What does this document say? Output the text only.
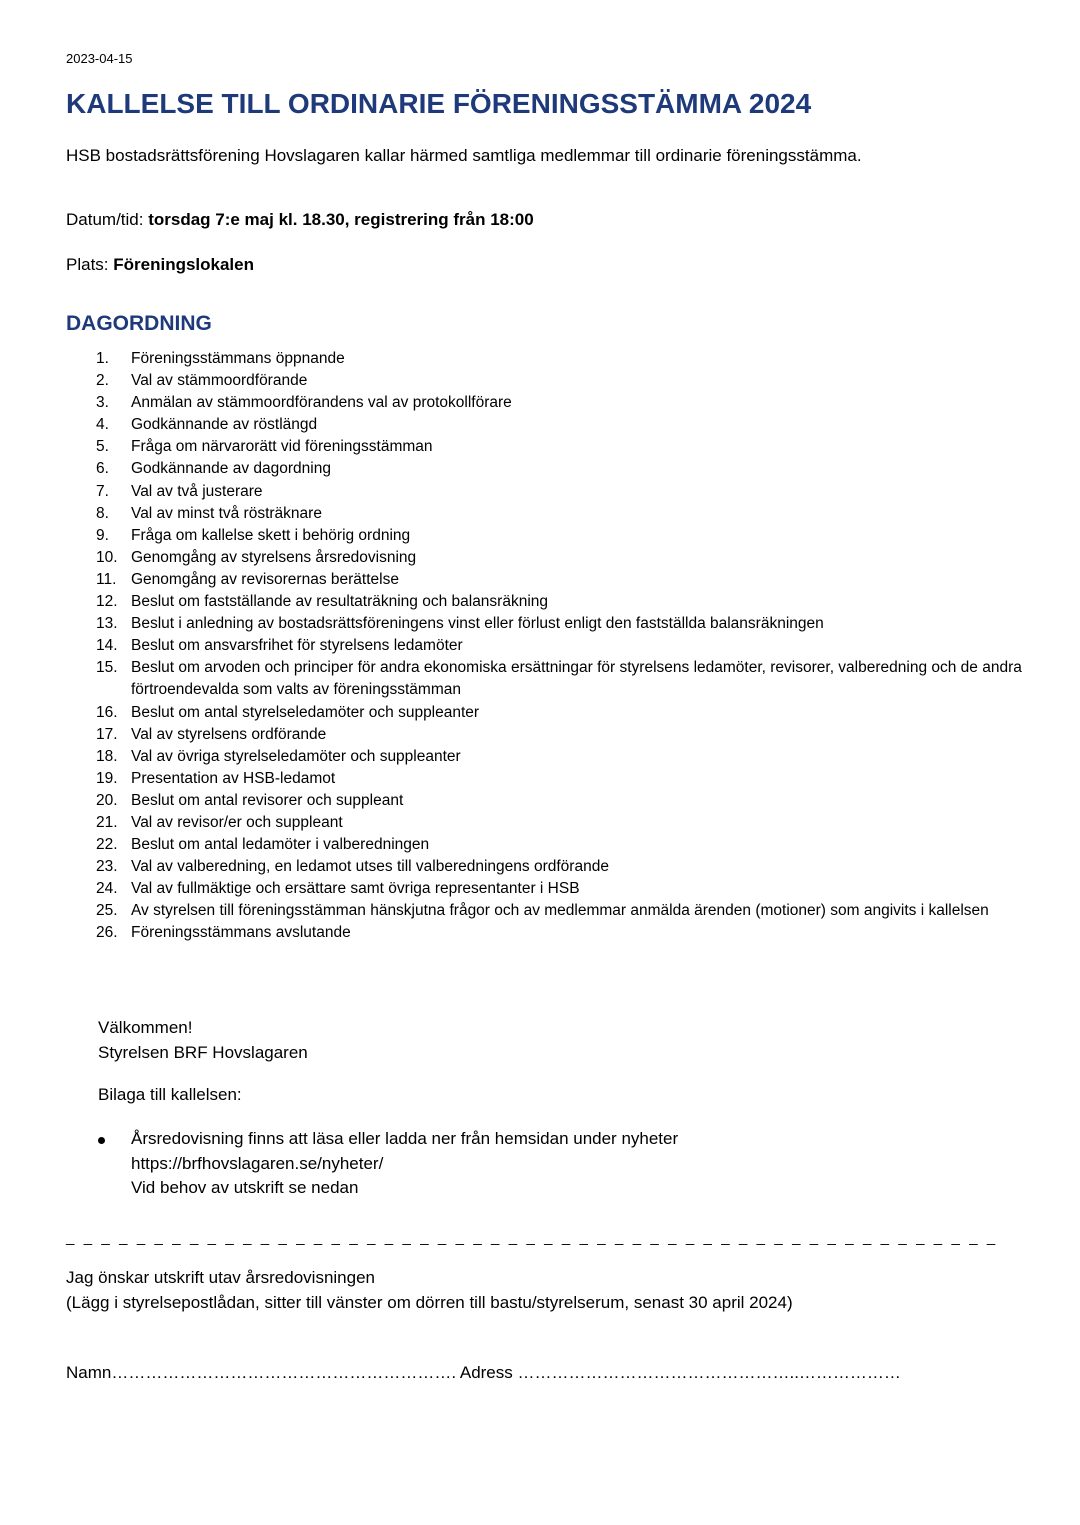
2023-04-15
KALLELSE TILL ORDINARIE FÖRENINGSSTÄMMA 2024
HSB bostadsrättsförening Hovslagaren kallar härmed samtliga medlemmar till ordinarie föreningsstämma.
Datum/tid: torsdag 7:e maj kl. 18.30, registrering från 18:00
Plats: Föreningslokalen
DAGORDNING
1. Föreningsstämmans öppnande
2. Val av stämmoordförande
3. Anmälan av stämmoordförandens val av protokollförare
4. Godkännande av röstlängd
5. Fråga om närvarorätt vid föreningsstämman
6. Godkännande av dagordning
7. Val av två justerare
8. Val av minst två rösträknare
9. Fråga om kallelse skett i behörig ordning
10. Genomgång av styrelsens årsredovisning
11. Genomgång av revisorernas berättelse
12. Beslut om fastställande av resultaträkning och balansräkning
13. Beslut i anledning av bostadsrättsföreningens vinst eller förlust enligt den fastställda balansräkningen
14. Beslut om ansvarsfrihet för styrelsens ledamöter
15. Beslut om arvoden och principer för andra ekonomiska ersättningar för styrelsens ledamöter, revisorer, valberedning och de andra förtroendevalda som valts av föreningsstämman
16. Beslut om antal styrelseledamöter och suppleanter
17. Val av styrelsens ordförande
18. Val av övriga styrelseledamöter och suppleanter
19. Presentation av HSB-ledamot
20. Beslut om antal revisorer och suppleant
21. Val av revisor/er och suppleant
22. Beslut om antal ledamöter i valberedningen
23. Val av valberedning, en ledamot utses till valberedningens ordförande
24. Val av fullmäktige och ersättare samt övriga representanter i HSB
25. Av styrelsen till föreningsstämman hänskjutna frågor och av medlemmar anmälda ärenden (motioner) som angivits i kallelsen
26. Föreningsstämmans avslutande
Välkommen!
Styrelsen BRF Hovslagaren
Bilaga till kallelsen:
Årsredovisning finns att läsa eller ladda ner från hemsidan under nyheter
https://brfhovslagaren.se/nyheter/
Vid behov av utskrift se nedan
_ _ _ _ _ _ _ _ _ _ _ _ _ _ _ _ _ _ _ _ _ _ _ _ _ _ _ _ _ _ _ _ _ _ _ _ _ _ _ _ _ _ _ _ _ _ _ _ _ _ _ _ _
Jag önskar utskrift utav årsredovisningen
(Lägg i styrelsepostlådan, sitter till vänster om dörren till bastu/styrelserum, senast 30 april 2024)
Namn……………………………………………………. Adress …………………………………………..………………
